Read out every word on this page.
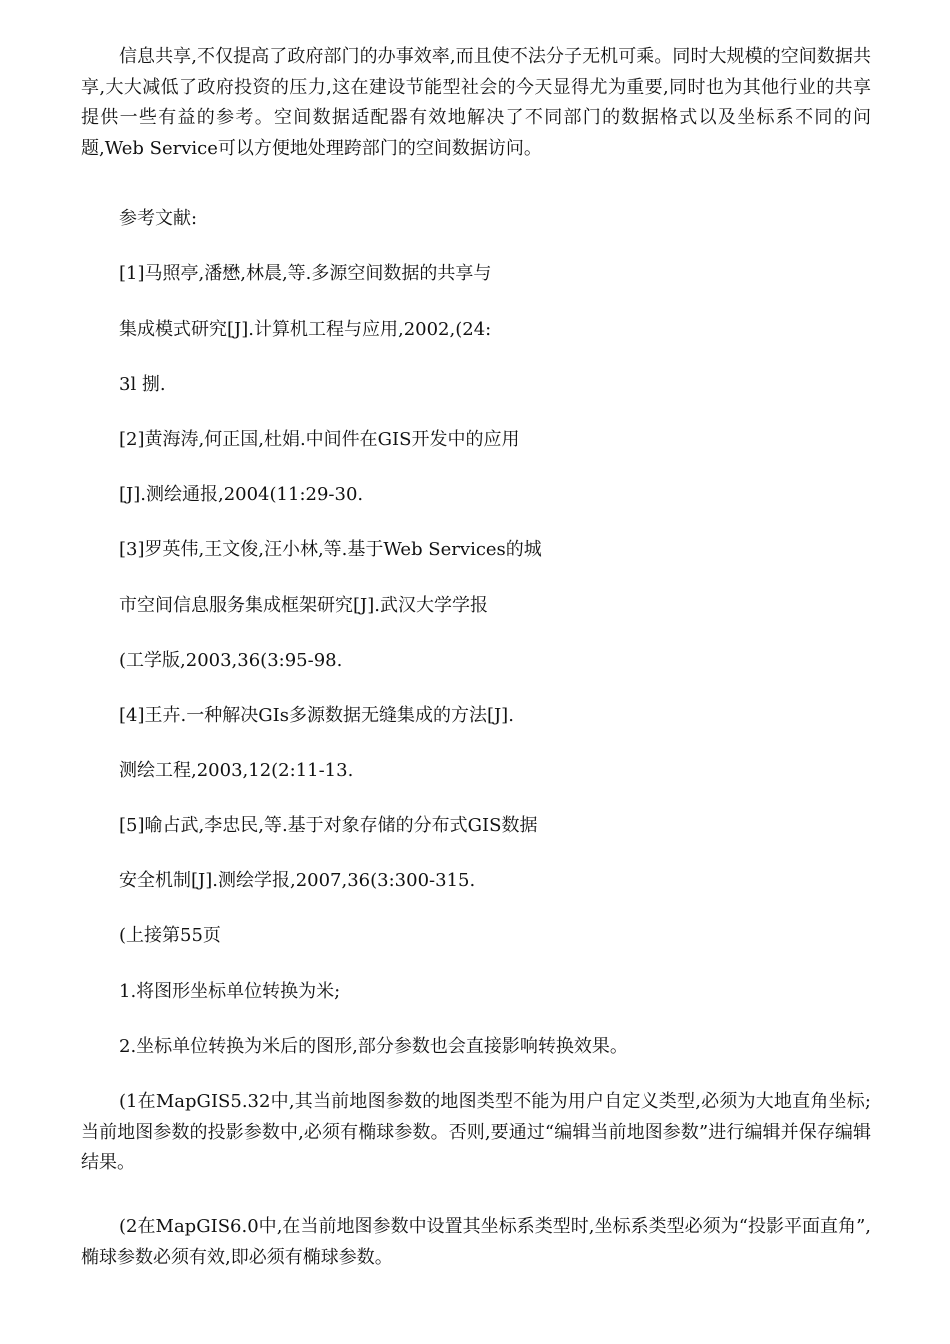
信息共享,不仅提高了政府部门的办事效率,而且使不法分子无机可乘。同时大规模的空间数据共享,大大减低了政府投资的压力,这在建设节能型社会的今天显得尤为重要,同时也为其他行业的共享提供一些有益的参考。空间数据适配器有效地解决了不同部门的数据格式以及坐标系不同的问题,Web Service可以方便地处理跨部门的空间数据访问。

参考文献:

[1]马照亭,潘懋,林晨,等.多源空间数据的共享与

集成模式研究[J].计算机工程与应用,2002,(24:

3l 捌.

[2]黄海涛,何正国,杜娟.中间件在GIS开发中的应用

[J].测绘通报,2004(11:29-30.

[3]罗英伟,王文俊,汪小林,等.基于Web Services的城

市空间信息服务集成框架研究[J].武汉大学学报

(工学版,2003,36(3:95-98.

[4]王卉.一种解决GIs多源数据无缝集成的方法[J].

测绘工程,2003,12(2:11-13.

[5]喻占武,李忠民,等.基于对象存储的分布式GIS数据

安全机制[J].测绘学报,2007,36(3:300-315.

(上接第55页

1.将图形坐标单位转换为米;

2.坐标单位转换为米后的图形,部分参数也会直接影响转换效果。

(1在MapGIS5.32中,其当前地图参数的地图类型不能为用户自定义类型,必须为大地直角坐标;当前地图参数的投影参数中,必须有椭球参数。否则,要通过“编辑当前地图参数”进行编辑并保存编辑结果。

(2在MapGIS6.0中,在当前地图参数中设置其坐标系类型时,坐标系类型必须为“投影平面直角”,椭球参数必须有效,即必须有椭球参数。
